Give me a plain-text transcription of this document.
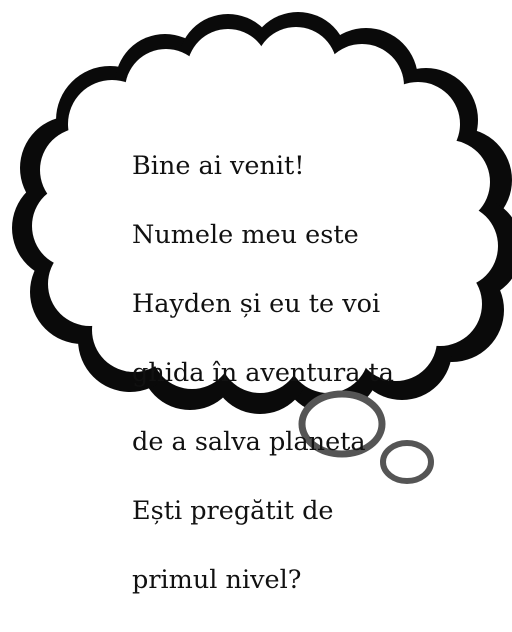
Bine ai venit!

Numele meu este

Hayden și eu te voi

ghida în aventura ta

de a salva planeta

Ești pregătit de

primul nivel?
